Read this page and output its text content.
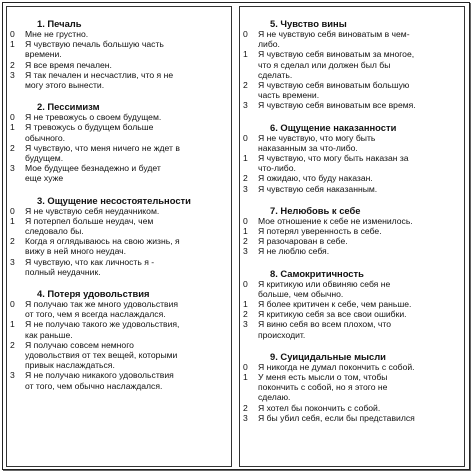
1. Печаль
0	Мне не грустно.
1	Я чувствую печаль большую часть
времени.
2	Я все время печален.
3	Я так печален и несчастлив, что я не
могу этого вынести.
2. Пессимизм
0	Я не тревожусь о своем будущем.
1	Я тревожусь о будущем больше
обычного.
2	Я чувствую, что меня ничего не ждет в
будущем.
3	Мое будущее безнадежно и будет
еще хуже
3. Ощущение несостоятельности
0	Я не чувствую себя неудачником.
1	Я потерпел больше неудач, чем
следовало бы.
2	Когда я оглядываюсь на свою жизнь, я
вижу в ней много неудач.
3	Я чувствую, что как личность я -
полный неудачник.
4. Потеря удовольствия
0	Я получаю так же много удовольствия
от того, чем я всегда наслаждался.
1	Я не получаю такого же удовольствия,
как раньше.
2	Я получаю совсем немного
удовольствия от тех вещей, которыми
привык наслаждаться.
3	Я не получаю никакого удовольствия
от того, чем обычно наслаждался.
5. Чувство вины
0	Я не чувствую себя виноватым в чем-
либо.
1	Я чувствую себя виноватым за многое,
что я сделал или должен был бы
сделать.
2	Я чувствую себя виноватым большую
часть времени.
3	Я чувствую себя виноватым все время.
6. Ощущение наказанности
0	Я не чувствую, что могу быть
наказанным за что-либо.
1	Я чувствую, что могу быть наказан за
что-либо.
2	Я ожидаю, что буду наказан.
3	Я чувствую себя наказанным.
7. Нелюбовь к себе
0	Мое отношение к себе не изменилось.
1	Я потерял уверенность в себе.
2	Я разочарован в себе.
3	Я не люблю себя.
8. Самокритичность
0	Я критикую или обвиняю себя не
больше, чем обычно.
1	Я более критичен к себе, чем раньше.
2	Я критикую себя за все свои ошибки.
3	Я виню себя во всем плохом, что
происходит.
9. Суицидальные мысли
0	Я никогда не думал покончить с собой.
1	У меня есть мысли о том, чтобы
покончить с собой, но я этого не
сделаю.
2	Я хотел бы покончить с собой.
3	Я бы убил себя, если бы представился
